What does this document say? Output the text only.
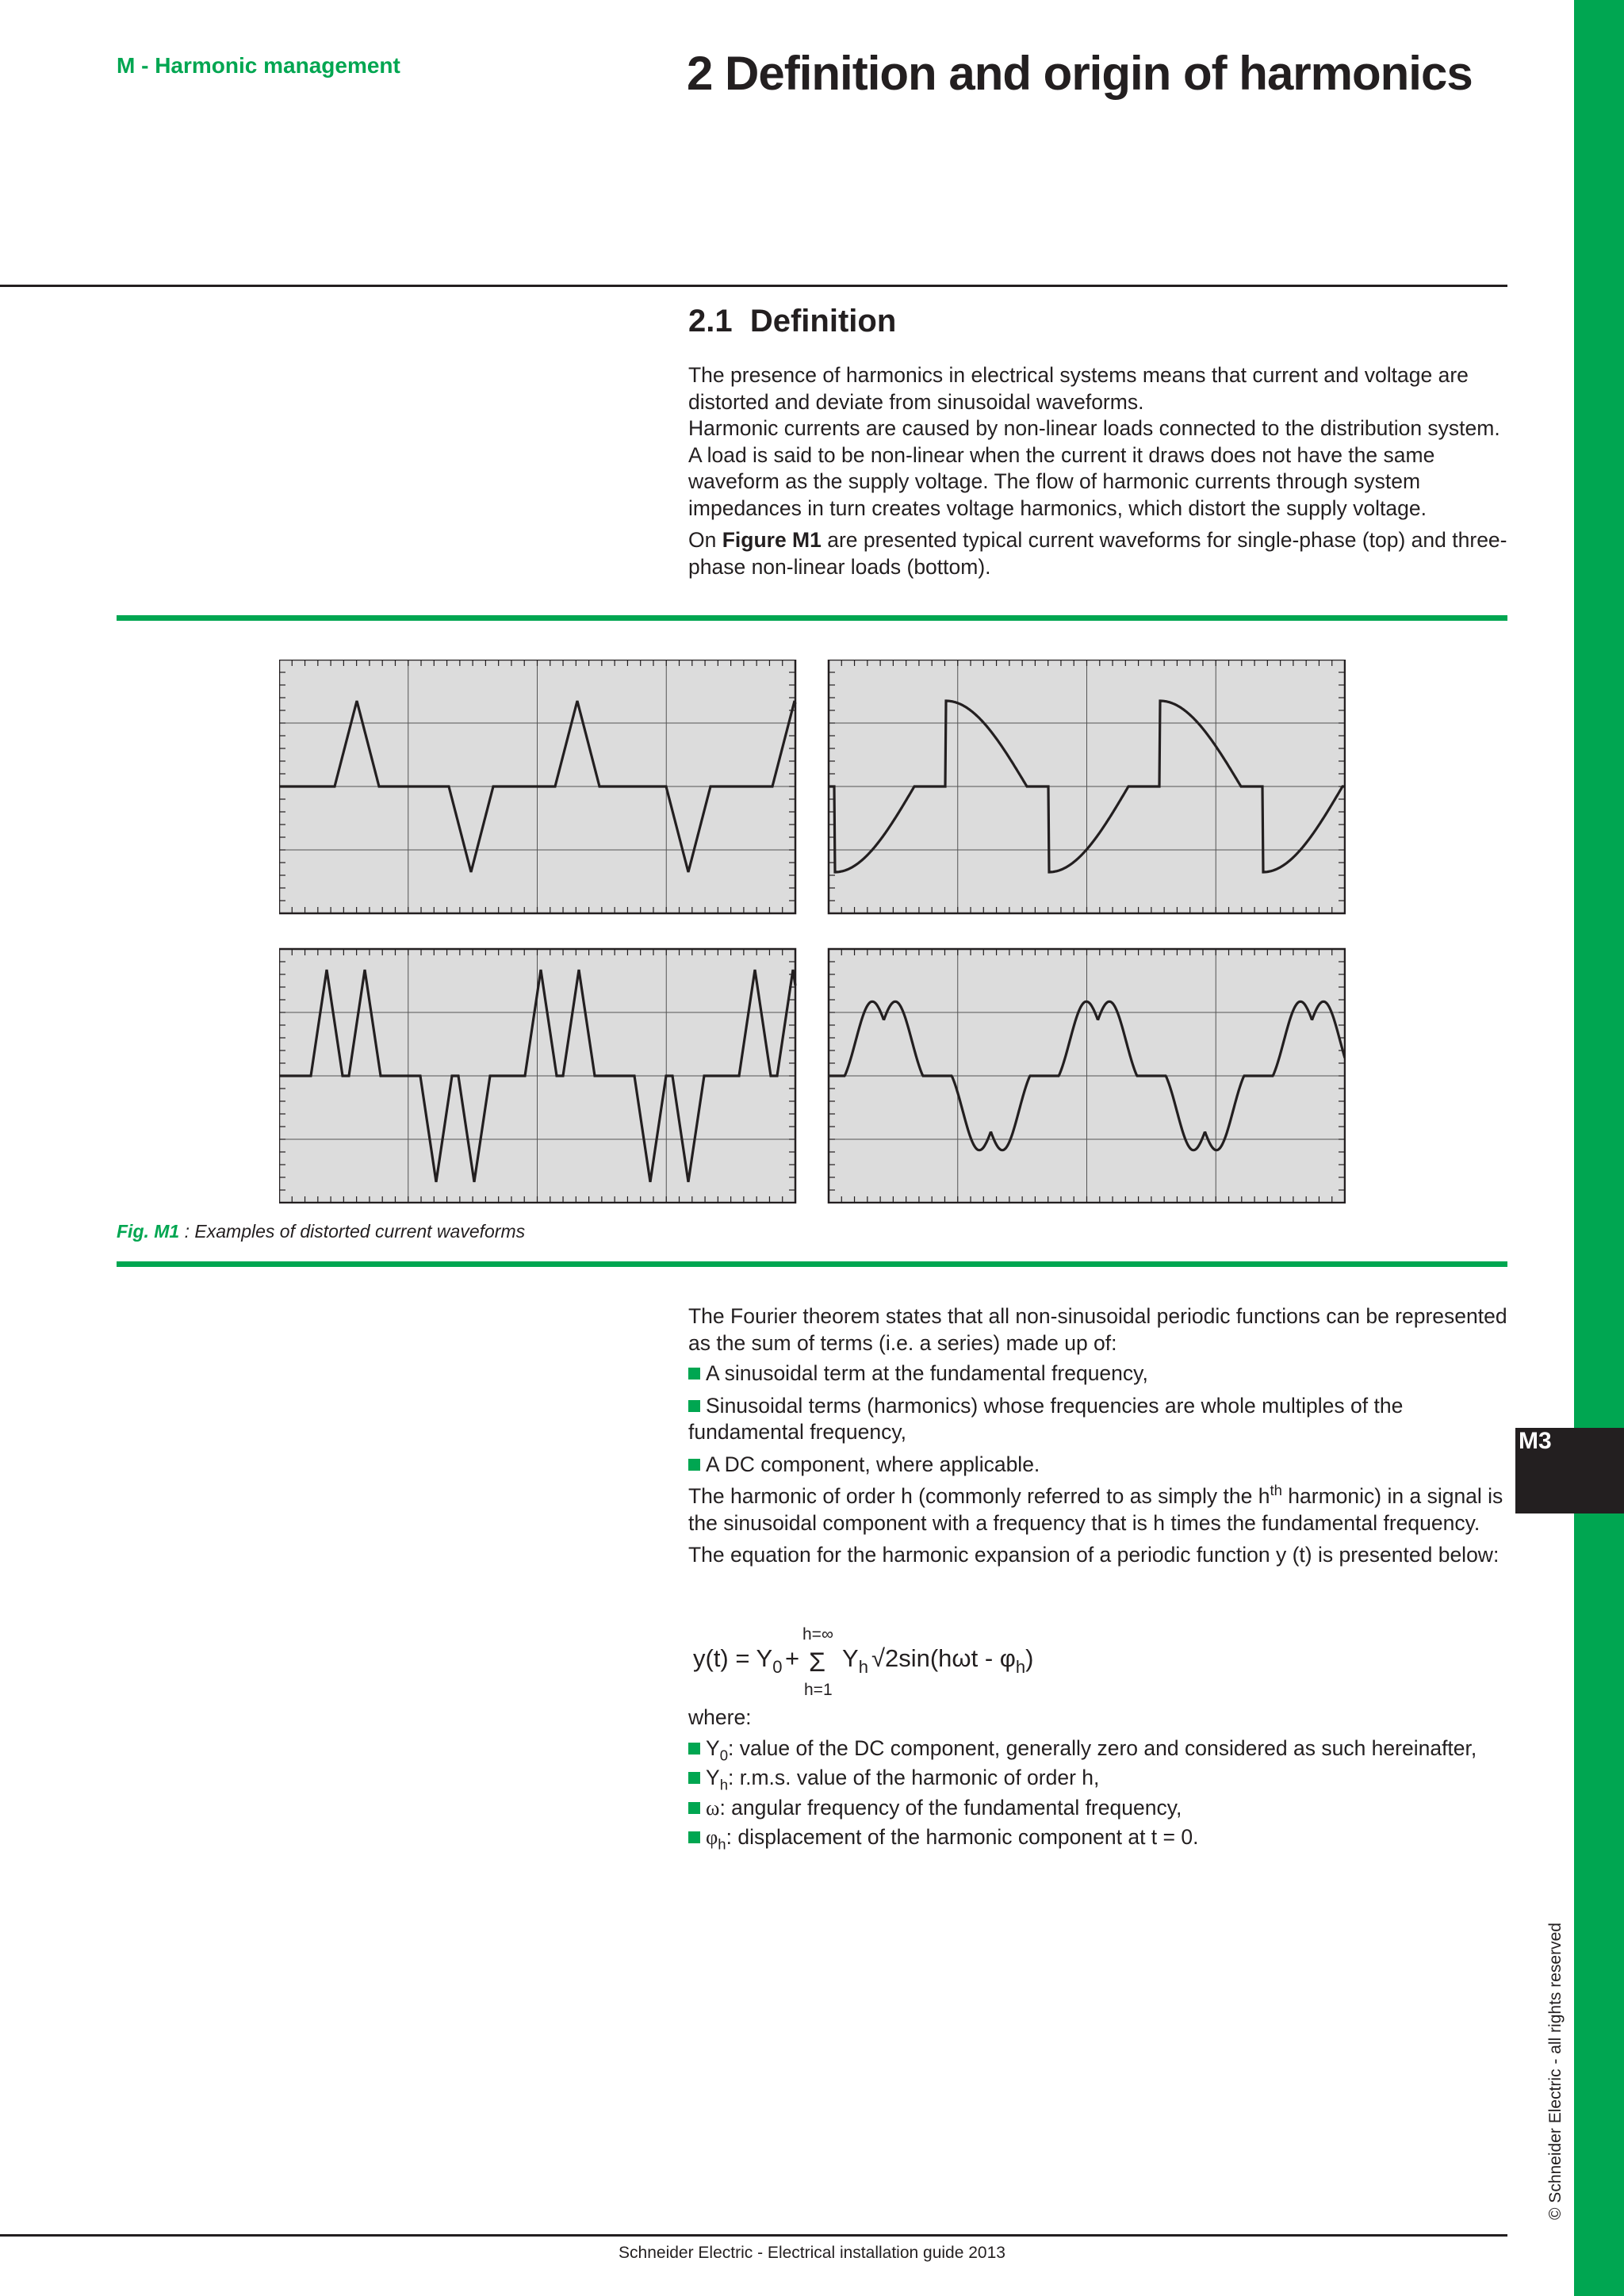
M3
© Schneider Electric - all rights reserved
M - Harmonic management	2 Definition and origin of harmonics
2.1 Definition

The presence of harmonics in electrical systems means that current and voltage are distorted and deviate from sinusoidal waveforms.

Harmonic currents are caused by non-linear loads connected to the distribution system. A load is said to be non-linear when the current it draws does not have the same waveform as the supply voltage. The flow of harmonic currents through system impedances in turn creates voltage harmonics, which distort the supply voltage.

On Figure M1 are presented typical current waveforms for single-phase (top) and three-phase non-linear loads (bottom).

Fig. M1 : Examples of distorted current waveforms

The Fourier theorem states that all non-sinusoidal periodic functions can be represented as the sum of terms (i.e. a series) made up of:

A sinusoidal term at the fundamental frequency,

Sinusoidal terms (harmonics) whose frequencies are whole multiples of the fundamental frequency,

A DC component, where applicable.

The harmonic of order h (commonly referred to as simply the $h^{th}$ harmonic) in a signal is the sinusoidal component with a frequency that is h times the fundamental frequency.

The equation for the harmonic expansion of a periodic function y (t) is presented below:

$y(t) = Y_0$ +
h=∞
Σ
h=1
$Y_h$ $√2\sin(h\omega t - \varphi_h)$

where:

$Y_0$: value of the DC component, generally zero and considered as such hereinafter,

$Y_h$: r.m.s. value of the harmonic of order h,

ω: angular frequency of the fundamental frequency,

$\varphi_h$: displacement of the harmonic component at t = 0.

Schneider Electric - Electrical installation guide 2013
